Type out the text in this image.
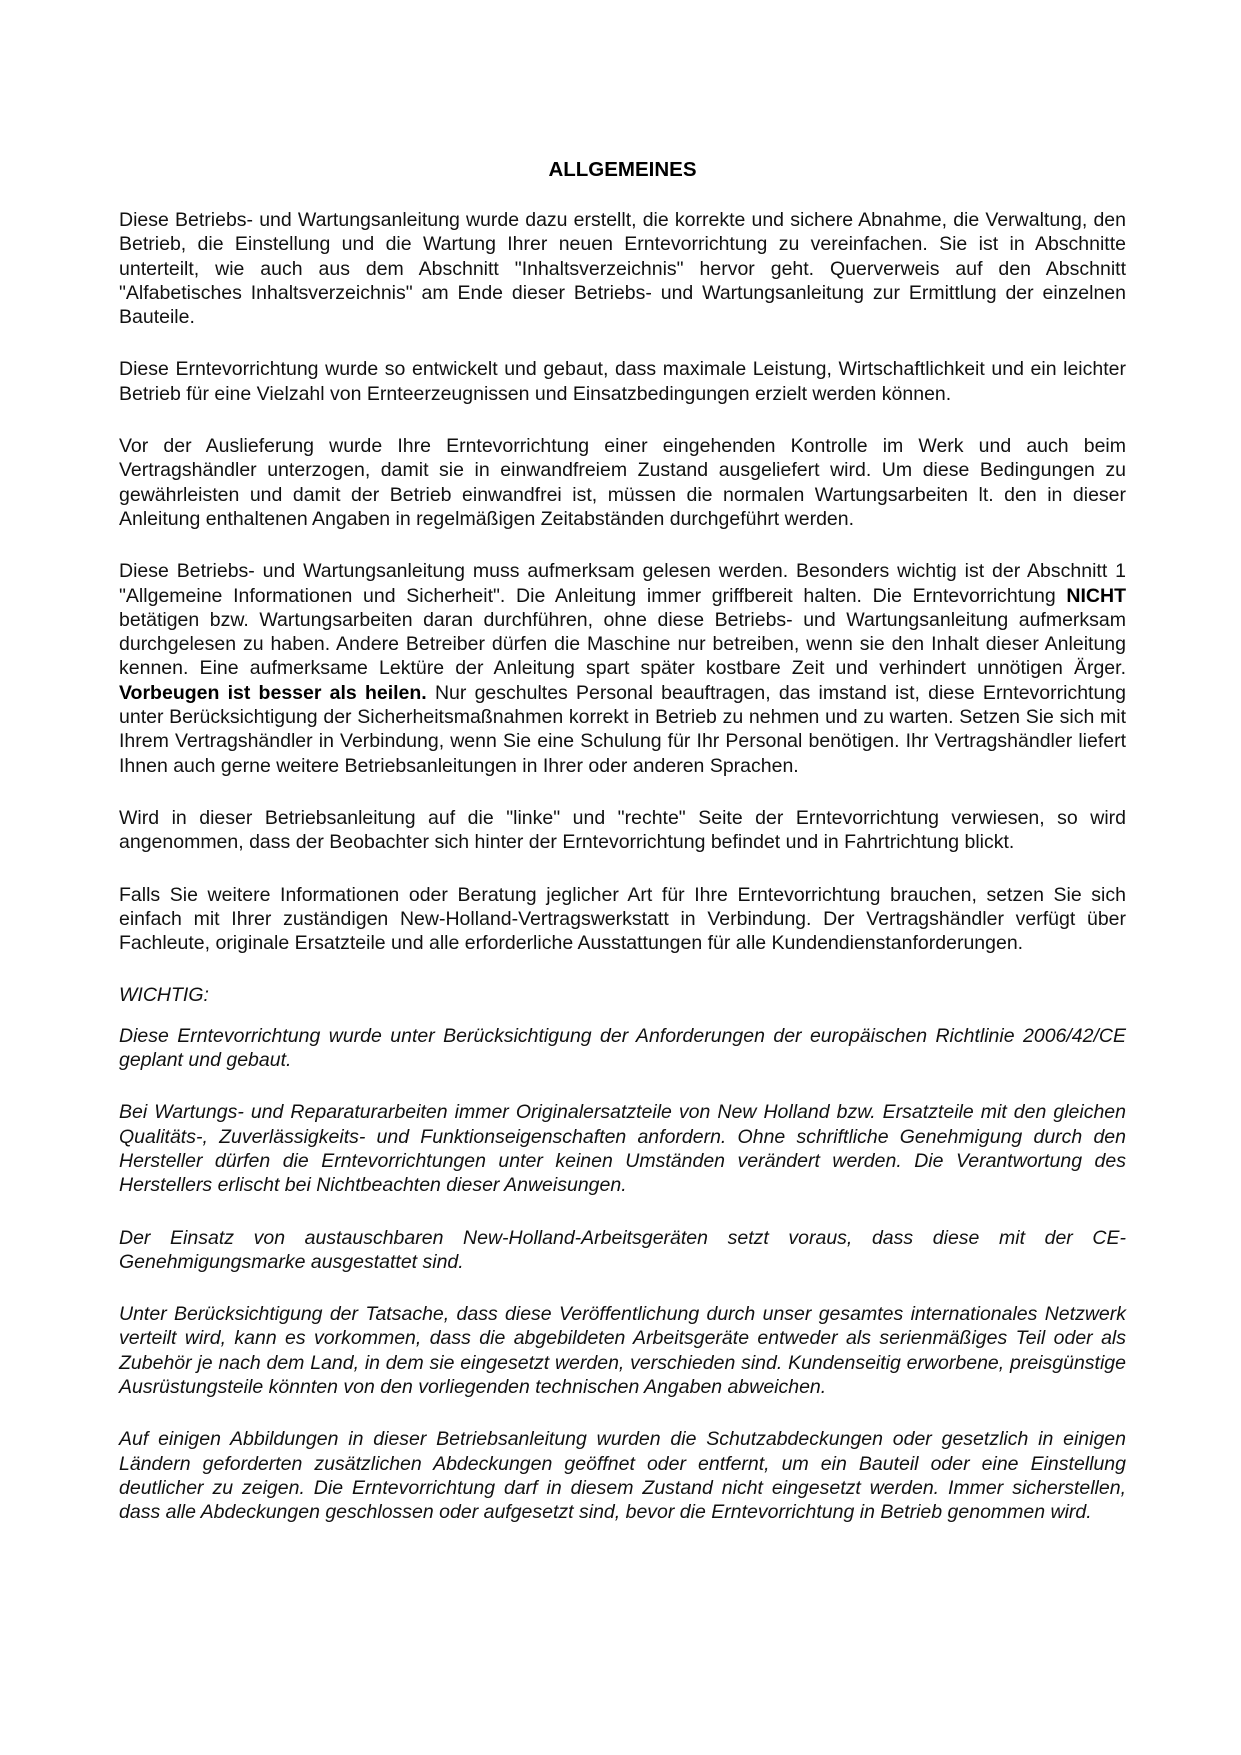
ALLGEMEINES

Diese Betriebs- und Wartungsanleitung wurde dazu erstellt, die korrekte und sichere Abnahme, die Verwaltung, den Betrieb, die Einstellung und die Wartung Ihrer neuen Erntevorrichtung zu vereinfachen. Sie ist in Abschnitte unterteilt, wie auch aus dem Abschnitt "Inhaltsverzeichnis" hervor geht. Querverweis auf den Abschnitt "Alfabetisches Inhaltsverzeichnis" am Ende dieser Betriebs- und Wartungsanleitung zur Ermittlung der einzelnen Bauteile.

Diese Erntevorrichtung wurde so entwickelt und gebaut, dass maximale Leistung, Wirtschaftlichkeit und ein leichter Betrieb für eine Vielzahl von Ernteerzeugnissen und Einsatzbedingungen erzielt werden können.

Vor der Auslieferung wurde Ihre Erntevorrichtung einer eingehenden Kontrolle im Werk und auch beim Vertragshändler unterzogen, damit sie in einwandfreiem Zustand ausgeliefert wird. Um diese Bedingungen zu gewährleisten und damit der Betrieb einwandfrei ist, müssen die normalen Wartungsarbeiten lt. den in dieser Anleitung enthaltenen Angaben in regelmäßigen Zeitabständen durchgeführt werden.

Diese Betriebs- und Wartungsanleitung muss aufmerksam gelesen werden. Besonders wichtig ist der Abschnitt 1 "Allgemeine Informationen und Sicherheit". Die Anleitung immer griffbereit halten. Die Erntevorrichtung NICHT betätigen bzw. Wartungsarbeiten daran durchführen, ohne diese Betriebs- und Wartungsanleitung aufmerksam durchgelesen zu haben. Andere Betreiber dürfen die Maschine nur betreiben, wenn sie den Inhalt dieser Anleitung kennen. Eine aufmerksame Lektüre der Anleitung spart später kostbare Zeit und verhindert unnötigen Ärger. Vorbeugen ist besser als heilen. Nur geschultes Personal beauftragen, das imstand ist, diese Erntevorrichtung unter Berücksichtigung der Sicherheitsmaßnahmen korrekt in Betrieb zu nehmen und zu warten. Setzen Sie sich mit Ihrem Vertragshändler in Verbindung, wenn Sie eine Schulung für Ihr Personal benötigen. Ihr Vertragshändler liefert Ihnen auch gerne weitere Betriebsanleitungen in Ihrer oder anderen Sprachen.

Wird in dieser Betriebsanleitung auf die "linke" und "rechte" Seite der Erntevorrichtung verwiesen, so wird angenommen, dass der Beobachter sich hinter der Erntevorrichtung befindet und in Fahrtrichtung blickt.

Falls Sie weitere Informationen oder Beratung jeglicher Art für Ihre Erntevorrichtung brauchen, setzen Sie sich einfach mit Ihrer zuständigen New-Holland-Vertragswerkstatt in Verbindung. Der Vertragshändler verfügt über Fachleute, originale Ersatzteile und alle erforderliche Ausstattungen für alle Kundendienstanforderungen.

WICHTIG:

Diese Erntevorrichtung wurde unter Berücksichtigung der Anforderungen der europäischen Richtlinie 2006/42/CE geplant und gebaut.

Bei Wartungs- und Reparaturarbeiten immer Originalersatzteile von New Holland bzw. Ersatzteile mit den gleichen Qualitäts-, Zuverlässigkeits- und Funktionseigenschaften anfordern. Ohne schriftliche Genehmigung durch den Hersteller dürfen die Erntevorrichtungen unter keinen Umständen verändert werden. Die Verantwortung des Herstellers erlischt bei Nichtbeachten dieser Anweisungen.

Der Einsatz von austauschbaren New-Holland-Arbeitsgeräten setzt voraus, dass diese mit der CE-Genehmigungsmarke ausgestattet sind.

Unter Berücksichtigung der Tatsache, dass diese Veröffentlichung durch unser gesamtes internationales Netzwerk verteilt wird, kann es vorkommen, dass die abgebildeten Arbeitsgeräte entweder als serienmäßiges Teil oder als Zubehör je nach dem Land, in dem sie eingesetzt werden, verschieden sind. Kundenseitig erworbene, preisgünstige Ausrüstungsteile könnten von den vorliegenden technischen Angaben abweichen.

Auf einigen Abbildungen in dieser Betriebsanleitung wurden die Schutzabdeckungen oder gesetzlich in einigen Ländern geforderten zusätzlichen Abdeckungen geöffnet oder entfernt, um ein Bauteil oder eine Einstellung deutlicher zu zeigen. Die Erntevorrichtung darf in diesem Zustand nicht eingesetzt werden. Immer sicherstellen, dass alle Abdeckungen geschlossen oder aufgesetzt sind, bevor die Erntevorrichtung in Betrieb genommen wird.
